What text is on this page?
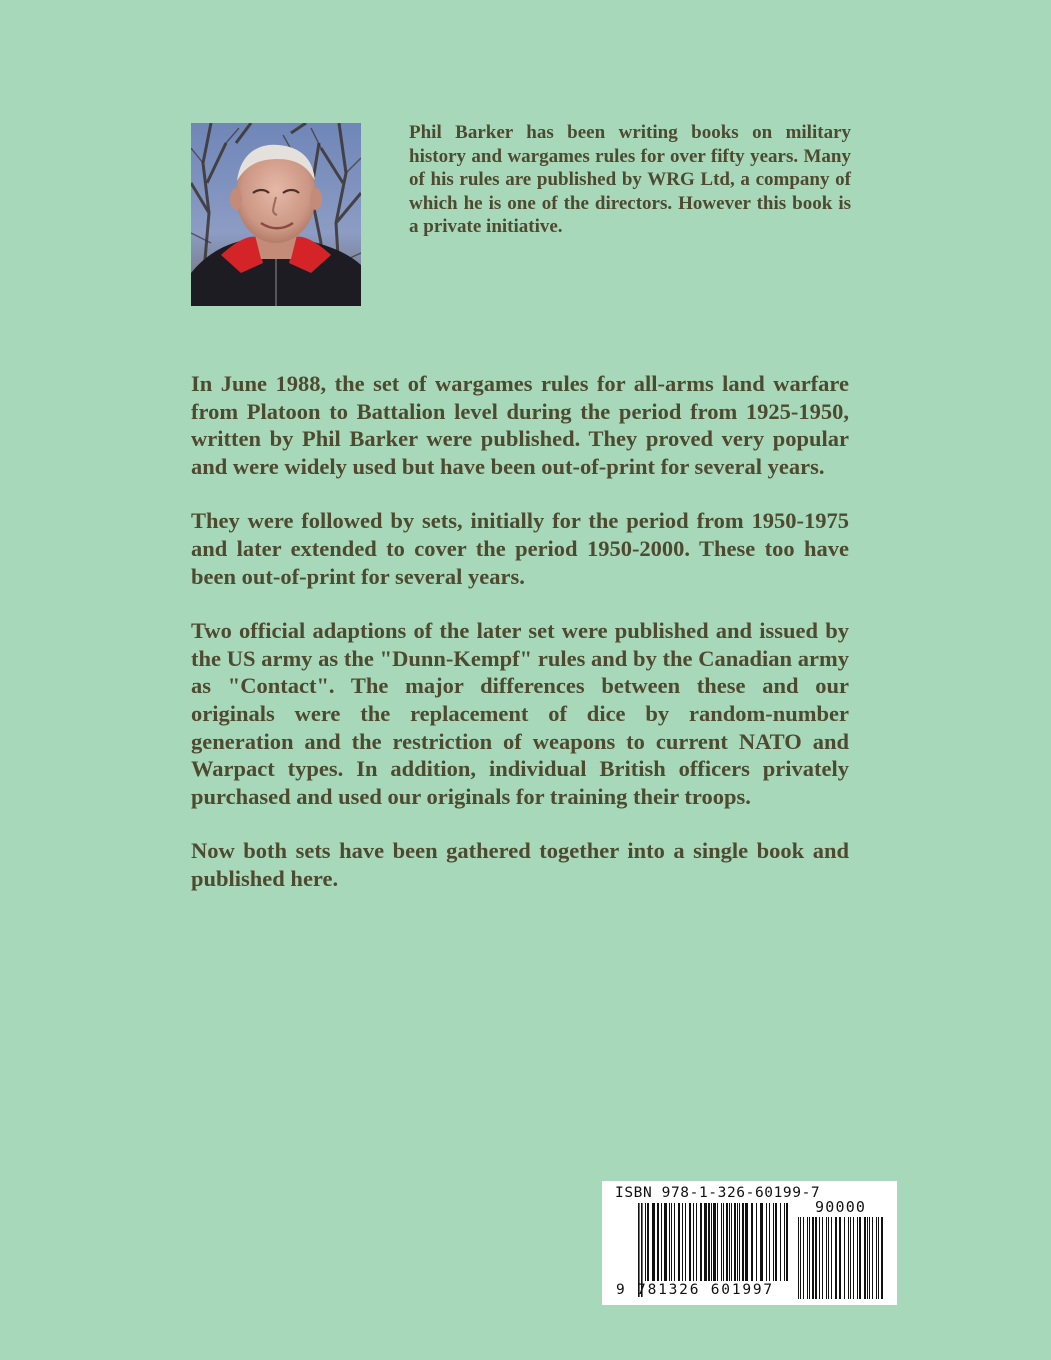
Phil Barker has been writing books on military history and wargames rules for over fifty years. Many of his rules are published by WRG Ltd, a company of which he is one of the directors. However this book is a private initiative.

In June 1988, the set of wargames rules for all-arms land warfare from Platoon to Battalion level during the period from 1925-1950, written by Phil Barker were published. They proved very popular and were widely used but have been out-of-print for several years.

They were followed by sets, initially for the period from 1950-1975 and later extended to cover the period 1950-2000. These too have been out-of-print for several years.

Two official adaptions of the later set were published and issued by the US army as the "Dunn-Kempf" rules and by the Canadian army as "Contact". The major differences between these and our originals were the replacement of dice by random-number generation and the restriction of weapons to current NATO and Warpact types. In addition, individual British officers privately purchased and used our originals for training their troops.

Now both sets have been gathered together into a single book and published here.

ISBN 978-1-326-60199-7
90000
9 781326 601997
